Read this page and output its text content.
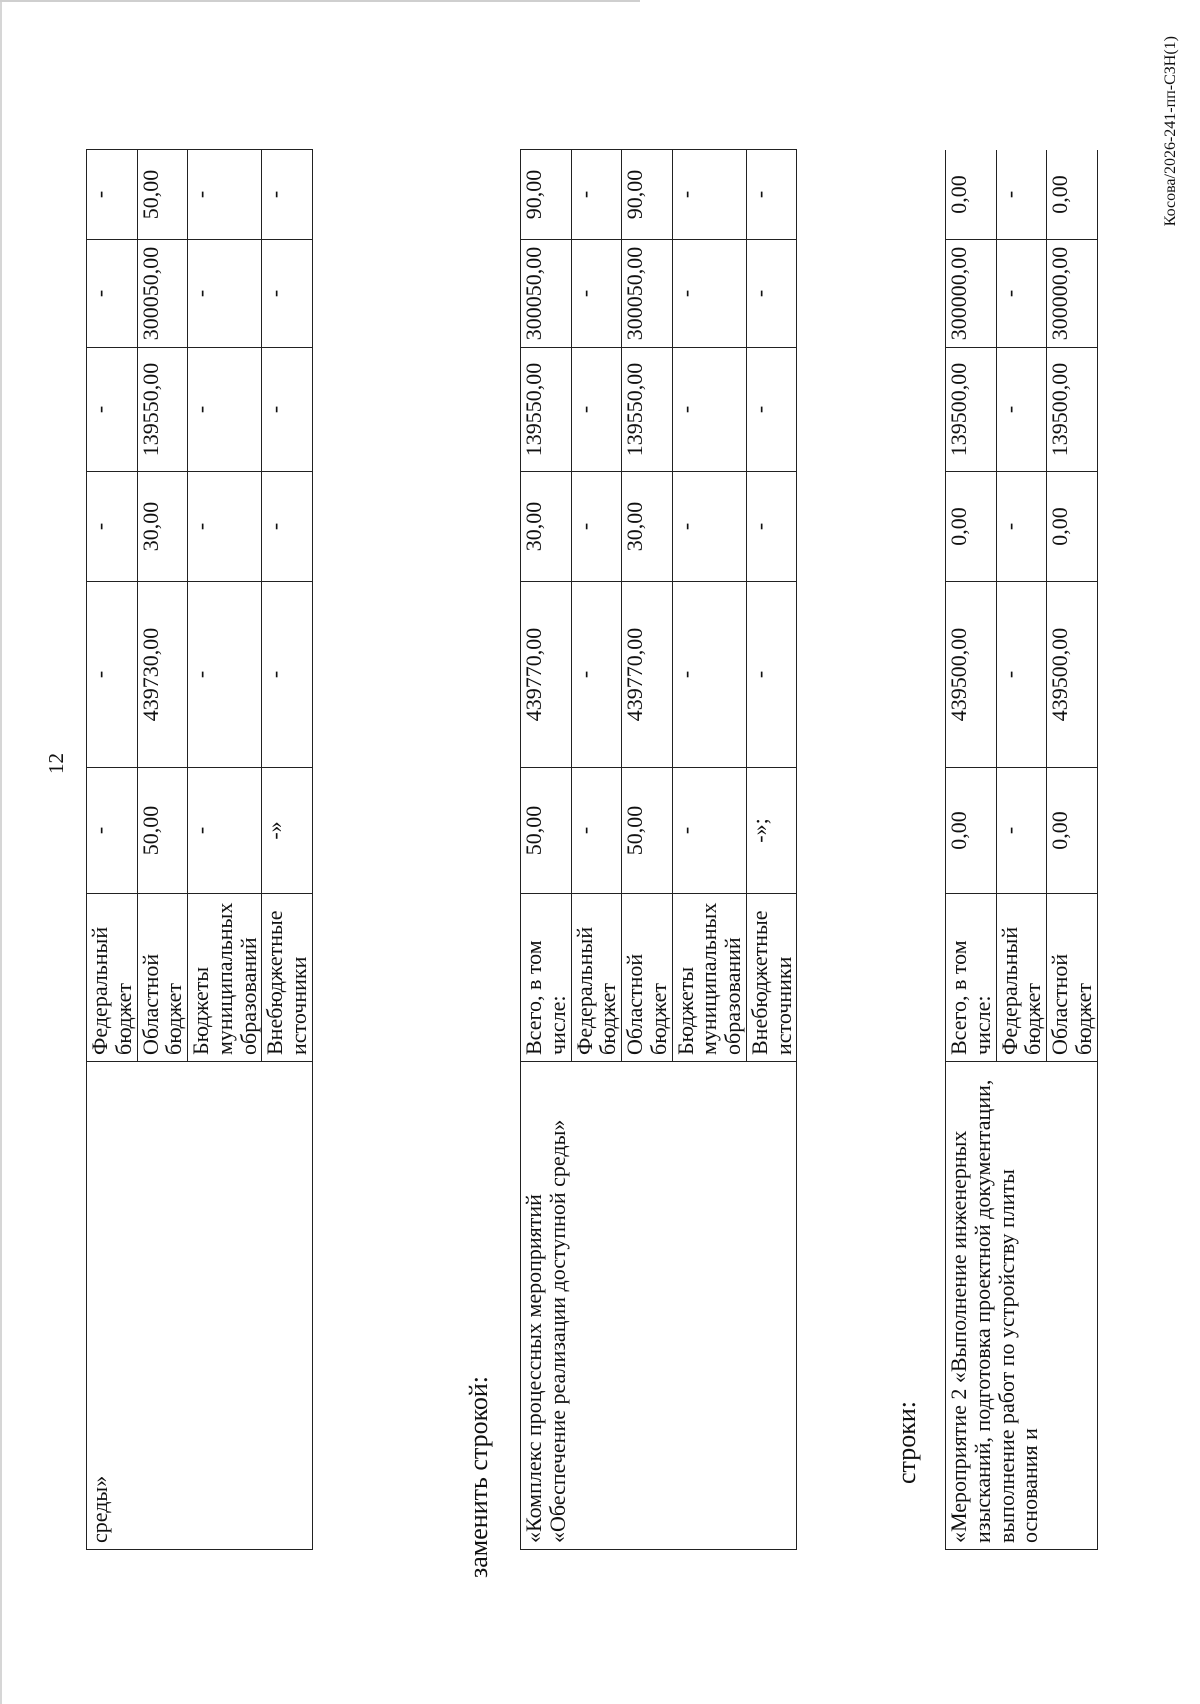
12
среды»	Федеральный бюджет	-	-	-	-	-	-
	Областной бюджет	50,00	439730,00	30,00	139550,00	300050,00	50,00
	Бюджеты муниципальных образований	-	-	-	-	-	-
	Внебюджетные источники	-»	-	-	-	-	-
заменить строкой: «Комплекс процессных мероприятий «Обеспечение реализации доступной среды»	Всего, в том числе:	50,00	439770,00	30,00	139550,00	300050,00	90,00
	Федеральный бюджет	-	-	-	-	-	-
	Областной бюджет	50,00	439770,00	30,00	139550,00	300050,00	90,00
	Бюджеты муниципальных образований	-	-	-	-	-	-
	Внебюджетные источники	-»;	-	-	-	-	-
строки: «Мероприятие 2 «Выполнение инженерных изысканий, подготовка проектной документации, выполнение работ по устройству плиты основания и	Всего, в том числе:	0,00	439500,00	0,00	139500,00	300000,00	0,00
	Федеральный бюджет	-	-	-	-	-	-
	Областной бюджет	0,00	439500,00	0,00	139500,00	300000,00	0,00	Косова/2026-241-пп-СЗН(1)
